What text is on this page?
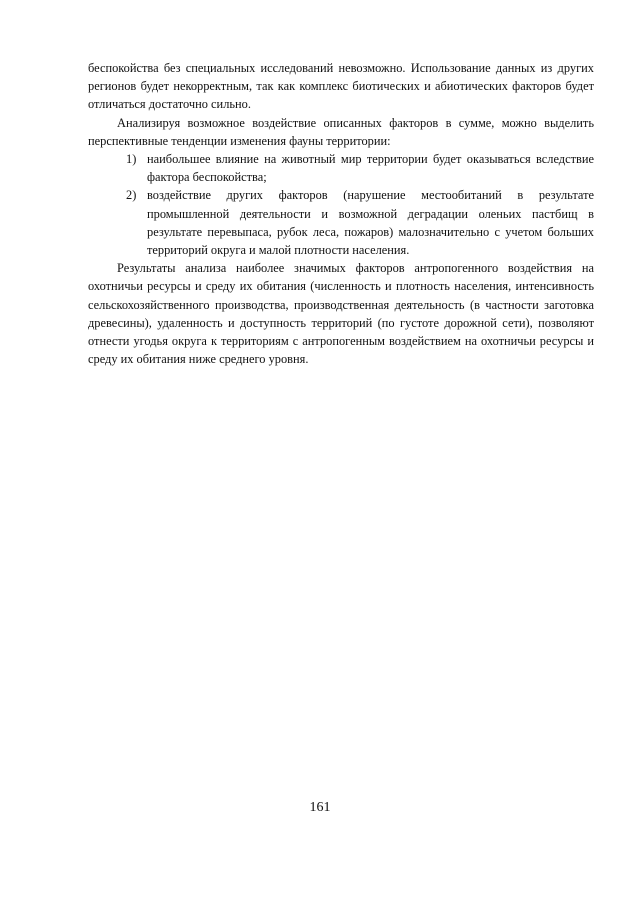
беспокойства без специальных исследований невозможно. Использование данных из других регионов будет некорректным, так как комплекс биотических и абиотических факторов будет отличаться достаточно сильно.

Анализируя возможное воздействие описанных факторов в сумме, можно выделить перспективные тенденции изменения фауны территории:

1) наибольшее влияние на животный мир территории будет оказываться вследствие фактора беспокойства;
2) воздействие других факторов (нарушение местообитаний в результате промышленной деятельности и возможной деградации оленьих пастбищ в результате перевыпаса, рубок леса, пожаров) малозначительно с учетом больших территорий округа и малой плотности населения.

Результаты анализа наиболее значимых факторов антропогенного воздействия на охотничьи ресурсы и среду их обитания (численность и плотность населения, интенсивность сельскохозяйственного производства, производственная деятельность (в частности заготовка древесины), удаленность и доступность территорий (по густоте дорожной сети), позволяют отнести угодья округа к территориям с антропогенным воздействием на охотничьи ресурсы и среду их обитания ниже среднего уровня.

161
